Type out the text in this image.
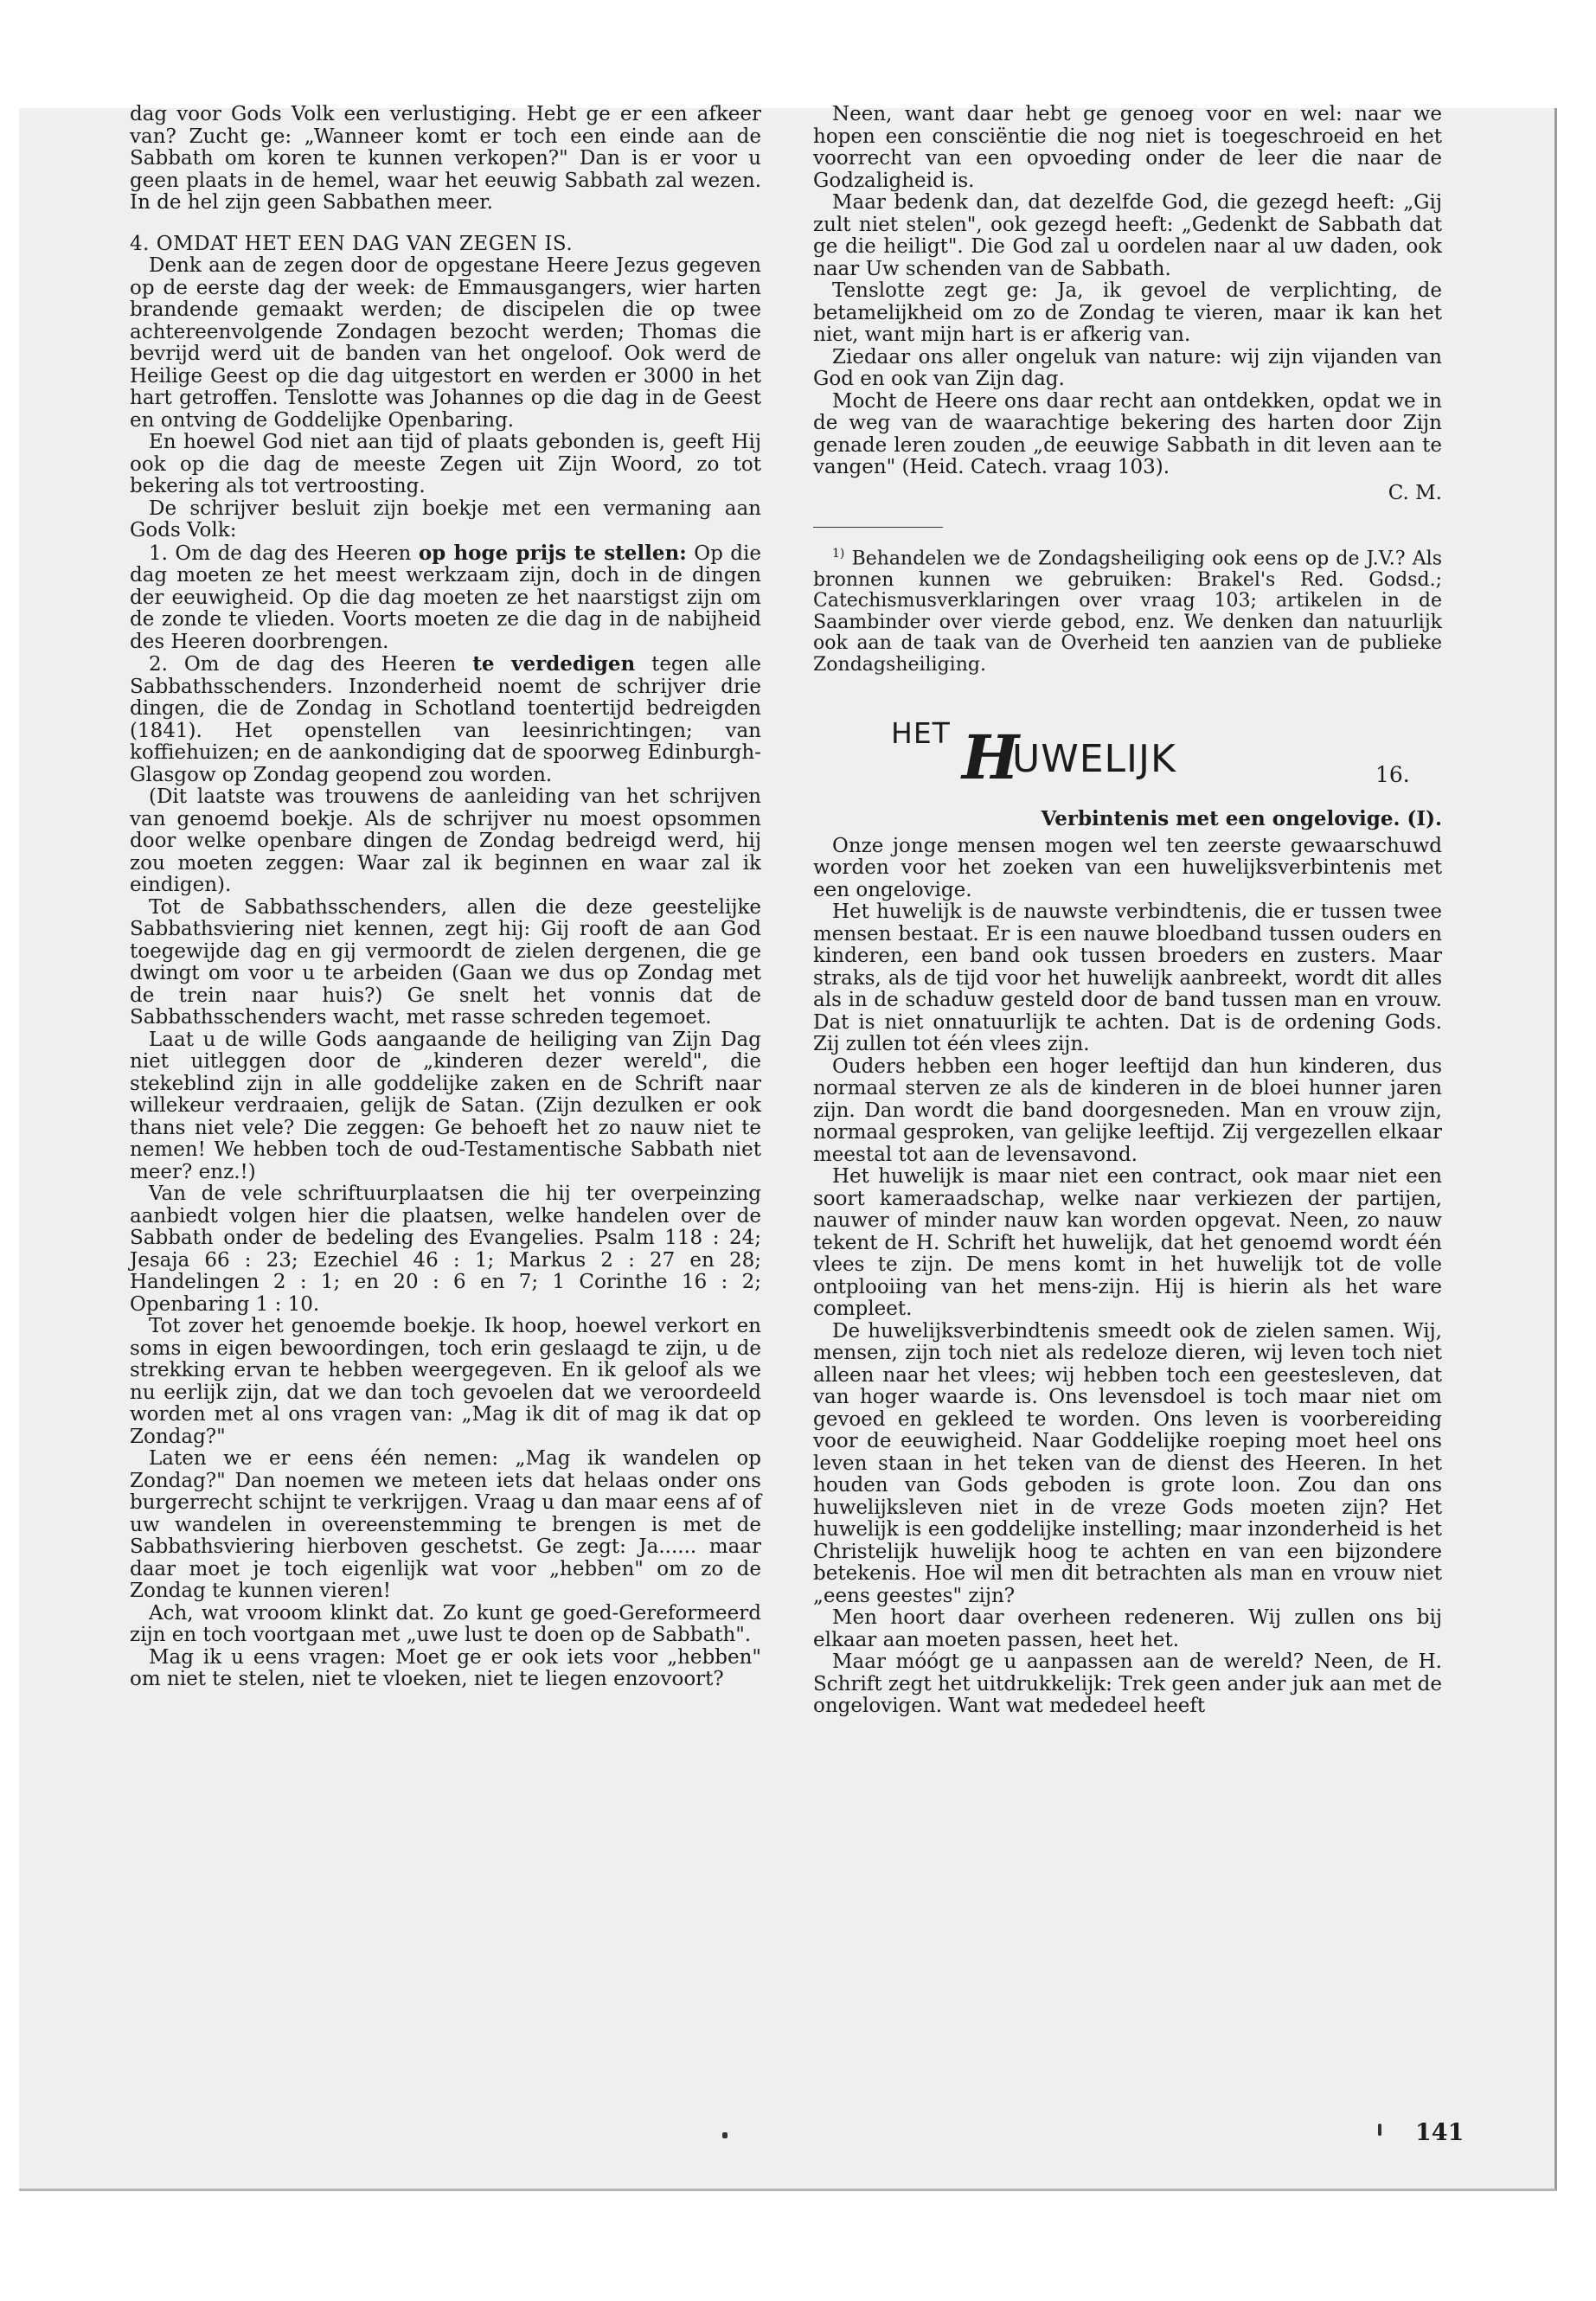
dag voor Gods Volk een verlustiging. Hebt ge er een afkeer van? Zucht ge: „Wanneer komt er toch een einde aan de Sabbath om koren te kunnen verkopen?" Dan is er voor u geen plaats in de hemel, waar het eeuwig Sabbath zal wezen. In de hel zijn geen Sabbathen meer.

4. OMDAT HET EEN DAG VAN ZEGEN IS.

Denk aan de zegen door de opgestane Heere Jezus gegeven op de eerste dag der week: de Emmausgangers, wier harten brandende gemaakt werden; de discipelen die op twee achtereenvolgende Zondagen bezocht werden; Thomas die bevrijd werd uit de banden van het ongeloof. Ook werd de Heilige Geest op die dag uitgestort en werden er 3000 in het hart getroffen. Tenslotte was Johannes op die dag in de Geest en ontving de Goddelijke Openbaring.

En hoewel God niet aan tijd of plaats gebonden is, geeft Hij ook op die dag de meeste Zegen uit Zijn Woord, zo tot bekering als tot vertroosting.

De schrijver besluit zijn boekje met een vermaning aan Gods Volk:

1. Om de dag des Heeren op hoge prijs te stellen: Op die dag moeten ze het meest werkzaam zijn, doch in de dingen der eeuwigheid. Op die dag moeten ze het naarstigst zijn om de zonde te vlieden. Voorts moeten ze die dag in de nabijheid des Heeren doorbrengen.

2. Om de dag des Heeren te verdedigen tegen alle Sabbathsschenders. Inzonderheid noemt de schrijver drie dingen, die de Zondag in Schotland toentertijd bedreigden (1841). Het openstellen van leesinrichtingen; van koffiehuizen; en de aankondiging dat de spoorweg Edinburgh-Glasgow op Zondag geopend zou worden.

(Dit laatste was trouwens de aanleiding van het schrijven van genoemd boekje. Als de schrijver nu moest opsommen door welke openbare dingen de Zondag bedreigd werd, hij zou moeten zeggen: Waar zal ik beginnen en waar zal ik eindigen).

Tot de Sabbathsschenders, allen die deze geestelijke Sabbathsviering niet kennen, zegt hij: Gij rooft de aan God toegewijde dag en gij vermoordt de zielen dergenen, die ge dwingt om voor u te arbeiden (Gaan we dus op Zondag met de trein naar huis?) Ge snelt het vonnis dat de Sabbathsschenders wacht, met rasse schreden tegemoet.

Laat u de wille Gods aangaande de heiliging van Zijn Dag niet uitleggen door de „kinderen dezer wereld", die stekeblind zijn in alle goddelijke zaken en de Schrift naar willekeur verdraaien, gelijk de Satan. (Zijn dezulken er ook thans niet vele? Die zeggen: Ge behoeft het zo nauw niet te nemen! We hebben toch de oud-Testamentische Sabbath niet meer? enz.!)

Van de vele schriftuurplaatsen die hij ter overpeinzing aanbiedt volgen hier die plaatsen, welke handelen over de Sabbath onder de bedeling des Evangelies. Psalm 118 : 24; Jesaja 66 : 23; Ezechiel 46 : 1; Markus 2 : 27 en 28; Handelingen 2 : 1; en 20 : 6 en 7; 1 Corinthe 16 : 2; Openbaring 1 : 10.

Tot zover het genoemde boekje. Ik hoop, hoewel verkort en soms in eigen bewoordingen, toch erin geslaagd te zijn, u de strekking ervan te hebben weergegeven. En ik geloof als we nu eerlijk zijn, dat we dan toch gevoelen dat we veroordeeld worden met al ons vragen van: „Mag ik dit of mag ik dat op Zondag?"

Laten we er eens één nemen: „Mag ik wandelen op Zondag?" Dan noemen we meteen iets dat helaas onder ons burgerrecht schijnt te verkrijgen. Vraag u dan maar eens af of uw wandelen in overeenstemming te brengen is met de Sabbathsviering hierboven geschetst. Ge zegt: Ja...... maar daar moet je toch eigenlijk wat voor „hebben" om zo de Zondag te kunnen vieren!

Ach, wat vrooom klinkt dat. Zo kunt ge goed-Gereformeerd zijn en toch voortgaan met „uwe lust te doen op de Sabbath".

Mag ik u eens vragen: Moet ge er ook iets voor „hebben" om niet te stelen, niet te vloeken, niet te liegen enzovoort?

Neen, want daar hebt ge genoeg voor en wel: naar we hopen een consciëntie die nog niet is toegeschroeid en het voorrecht van een opvoeding onder de leer die naar de Godzaligheid is.

Maar bedenk dan, dat dezelfde God, die gezegd heeft: „Gij zult niet stelen", ook gezegd heeft: „Gedenkt de Sabbath dat ge die heiligt". Die God zal u oordelen naar al uw daden, ook naar Uw schenden van de Sabbath.

Tenslotte zegt ge: Ja, ik gevoel de verplichting, de betamelijkheid om zo de Zondag te vieren, maar ik kan het niet, want mijn hart is er afkerig van.

Ziedaar ons aller ongeluk van nature: wij zijn vijanden van God en ook van Zijn dag.

Mocht de Heere ons daar recht aan ontdekken, opdat we in de weg van de waarachtige bekering des harten door Zijn genade leren zouden „de eeuwige Sabbath in dit leven aan te vangen" (Heid. Catech. vraag 103).

C. M.

$^{1)}$ Behandelen we de Zondagsheiliging ook eens op de J.V.? Als bronnen kunnen we gebruiken: Brakel's Red. Godsd.; Catechismusverklaringen over vraag 103; artikelen in de Saambinder over vierde gebod, enz. We denken dan natuurlijk ook aan de taak van de Overheid ten aanzien van de publieke Zondagsheiliging.

HET H
UWELIJK	16.

Verbintenis met een ongelovige. (I).

Onze jonge mensen mogen wel ten zeerste gewaarschuwd worden voor het zoeken van een huwelijksverbintenis met een ongelovige.

Het huwelijk is de nauwste verbindtenis, die er tussen twee mensen bestaat. Er is een nauwe bloedband tussen ouders en kinderen, een band ook tussen broeders en zusters. Maar straks, als de tijd voor het huwelijk aanbreekt, wordt dit alles als in de schaduw gesteld door de band tussen man en vrouw. Dat is niet onnatuurlijk te achten. Dat is de ordening Gods. Zij zullen tot één vlees zijn.

Ouders hebben een hoger leeftijd dan hun kinderen, dus normaal sterven ze als de kinderen in de bloei hunner jaren zijn. Dan wordt die band doorgesneden. Man en vrouw zijn, normaal gesproken, van gelijke leeftijd. Zij vergezellen elkaar meestal tot aan de levensavond.

Het huwelijk is maar niet een contract, ook maar niet een soort kameraadschap, welke naar verkiezen der partijen, nauwer of minder nauw kan worden opgevat. Neen, zo nauw tekent de H. Schrift het huwelijk, dat het genoemd wordt één vlees te zijn. De mens komt in het huwelijk tot de volle ontplooiing van het mens-zijn. Hij is hierin als het ware compleet.

De huwelijksverbindtenis smeedt ook de zielen samen. Wij, mensen, zijn toch niet als redeloze dieren, wij leven toch niet alleen naar het vlees; wij hebben toch een geestesleven, dat van hoger waarde is. Ons levensdoel is toch maar niet om gevoed en gekleed te worden. Ons leven is voorbereiding voor de eeuwigheid. Naar Goddelijke roeping moet heel ons leven staan in het teken van de dienst des Heeren. In het houden van Gods geboden is grote loon. Zou dan ons huwelijksleven niet in de vreze Gods moeten zijn? Het huwelijk is een goddelijke instelling; maar inzonderheid is het Christelijk huwelijk hoog te achten en van een bijzondere betekenis. Hoe wil men dit betrachten als man en vrouw niet „eens geestes" zijn?

Men hoort daar overheen redeneren. Wij zullen ons bij elkaar aan moeten passen, heet het.

Maar móógt ge u aanpassen aan de wereld? Neen, de H. Schrift zegt het uitdrukkelijk: Trek geen ander juk aan met de ongelovigen. Want wat mededeel heeft

141
